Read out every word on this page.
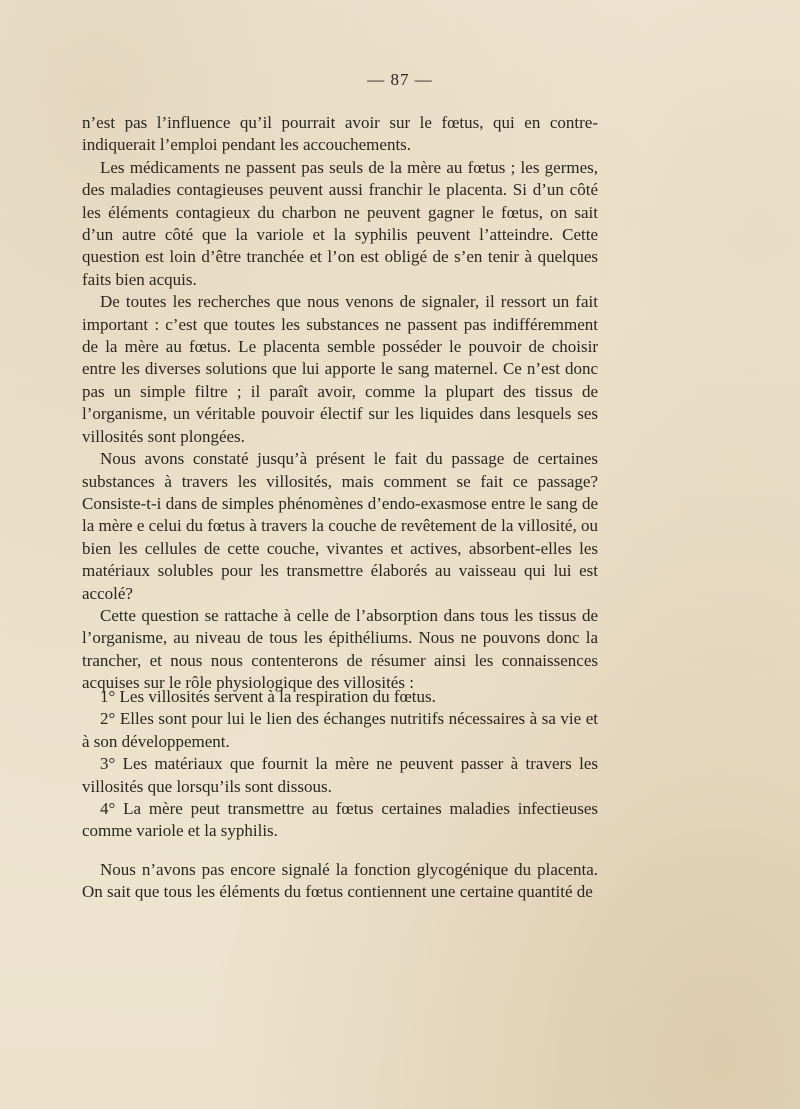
— 87 —

n’est pas l’influence qu’il pourrait avoir sur le fœtus, qui en contre-indiquerait l’emploi pendant les accouchements.

Les médicaments ne passent pas seuls de la mère au fœtus ; les germes, des maladies contagieuses peuvent aussi franchir le placenta. Si d’un côté les éléments contagieux du charbon ne peuvent gagner le fœtus, on sait d’un autre côté que la variole et la syphilis peuvent l’atteindre. Cette question est loin d’être tranchée et l’on est obligé de s’en tenir à quelques faits bien acquis.

De toutes les recherches que nous venons de signaler, il ressort un fait important : c’est que toutes les substances ne passent pas indifféremment de la mère au fœtus. Le placenta semble posséder le pouvoir de choisir entre les diverses solutions que lui apporte le sang maternel. Ce n’est donc pas un simple filtre ; il paraît avoir, comme la plupart des tissus de l’organisme, un véritable pouvoir électif sur les liquides dans lesquels ses villosités sont plongées.

Nous avons constaté jusqu’à présent le fait du passage de certaines substances à travers les villosités, mais comment se fait ce passage? Consiste-t-i dans de simples phénomènes d’endo-exasmose entre le sang de la mère e celui du fœtus à travers la couche de revêtement de la villosité, ou bien les cellules de cette couche, vivantes et actives, absorbent-elles les matériaux solubles pour les transmettre élaborés au vaisseau qui lui est accolé?

Cette question se rattache à celle de l’absorption dans tous les tissus de l’organisme, au niveau de tous les épithéliums. Nous ne pouvons donc la trancher, et nous nous contenterons de résumer ainsi les connaissences acquises sur le rôle physiologique des villosités :

1° Les villosités servent à la respiration du fœtus.

2° Elles sont pour lui le lien des échanges nutritifs nécessaires à sa vie et à son développement.

3° Les matériaux que fournit la mère ne peuvent passer à travers les villosités que lorsqu’ils sont dissous.

4° La mère peut transmettre au fœtus certaines maladies infectieuses comme variole et la syphilis.

Nous n’avons pas encore signalé la fonction glycogénique du placenta. On sait que tous les éléments du fœtus contiennent une certaine quantité de
